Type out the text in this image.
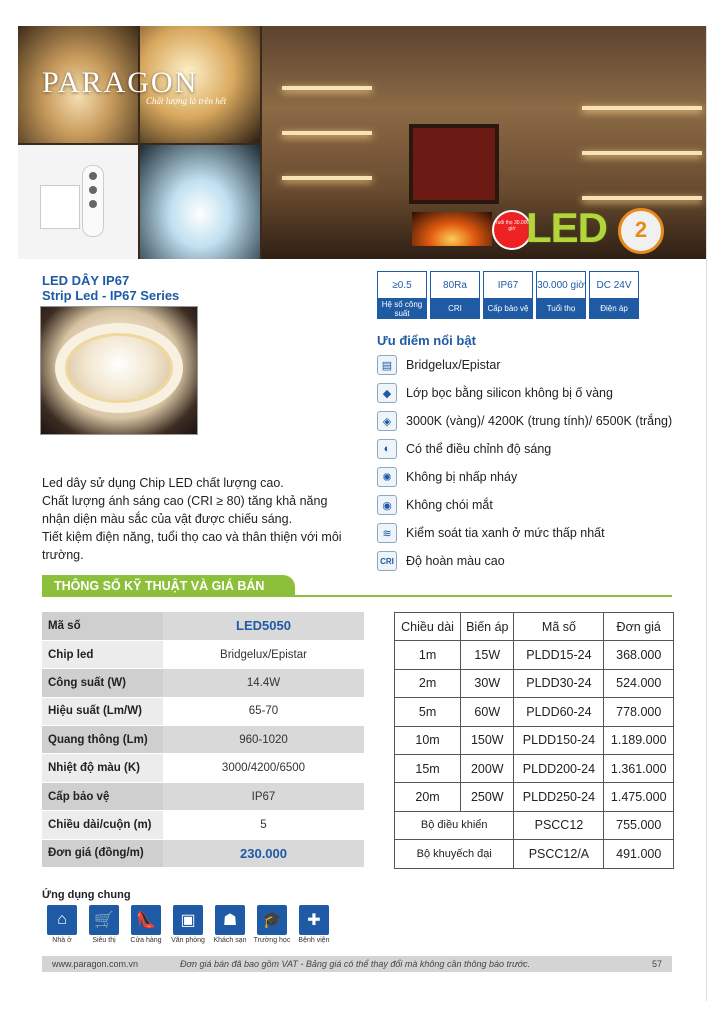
PARAGON
Chất lượng là trên hết
Tuổi thọ 30.000 giờ LED	2
LED DÂY IP67
Strip Led - IP67 Series
≥0.5
Hệ số công suất
80Ra
CRI
IP67
Cấp bảo vệ
30.000 giờ
Tuổi thọ
DC 24V
Điện áp
Ưu điểm nổi bật
▤	Bridgelux/Epistar
◆	Lớp bọc bằng silicon không bị ố vàng
◈	3000K (vàng)/ 4200K (trung tính)/ 6500K (trắng)
◐	Có thể điều chỉnh độ sáng
✺	Không bị nhấp nháy
◉	Không chói mắt
≋	Kiểm soát tia xanh ở mức thấp nhất
CRI Độ hoàn màu cao
Led dây sử dụng Chip LED chất lượng cao.
Chất lượng ánh sáng cao (CRI ≥ 80) tăng khả năng nhận diện màu sắc của vật được chiếu sáng.
Tiết kiệm điện năng, tuổi thọ cao và thân thiện với môi trường.
THÔNG SỐ KỸ THUẬT VÀ GIÁ BÁN
Mã số	LED5050
Chip led	Bridgelux/Epistar
Công suất (W)	14.4W
Hiệu suất (Lm/W)	65-70
Quang thông (Lm)	960-1020
Nhiệt độ màu (K)	3000/4200/6500
Cấp bảo vệ	IP67
Chiều dài/cuộn (m)	5
Đơn giá (đồng/m)	230.000
Chiều dài	Biến áp	Mã số	Đơn giá
1m	15W	PLDD15-24	368.000
2m	30W	PLDD30-24	524.000
5m	60W	PLDD60-24	778.000
10m	150W	PLDD150-24	1.189.000
15m	200W	PLDD200-24	1.361.000
20m	250W	PLDD250-24	1.475.000
Bộ điều khiển		PSCC12	755.000
Bộ khuyếch đại		PSCC12/A	491.000
Ứng dụng chung
⌂
Nhà ở
🛒
Siêu thị
👠
Cửa hàng
▣
Văn phòng
☗
Khách sạn
🎓
Trường học
✚
Bệnh viện
www.paragon.com.vn	Đơn giá bán đã bao gồm VAT - Bảng giá có thể thay đổi mà không cần thông báo trước.	57
